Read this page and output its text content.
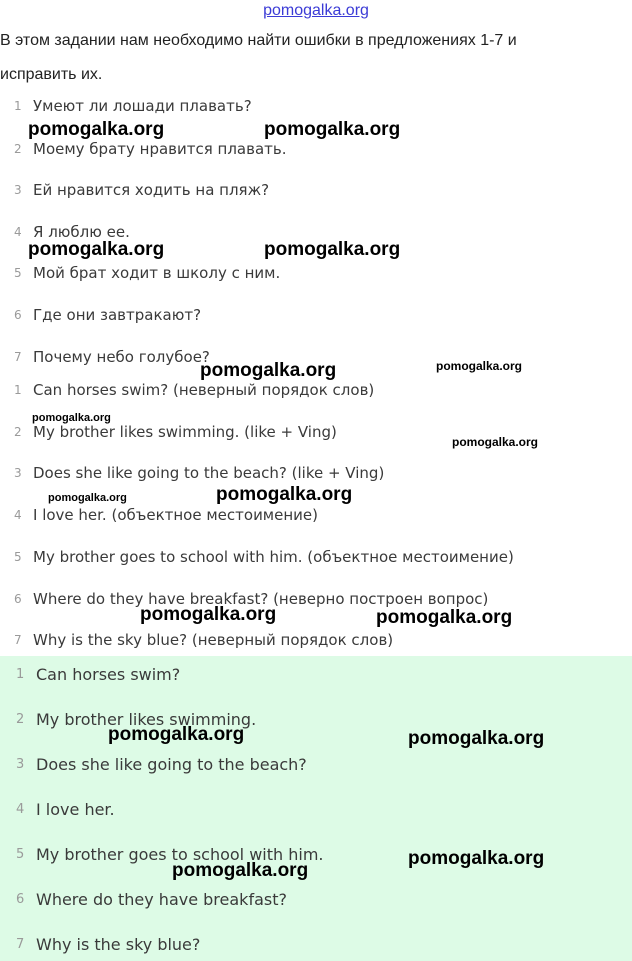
pomogalka.org
В этом задании нам необходимо найти ошибки в предложениях 1-7 и
исправить их.
1 Умеют ли лошади плавать?
2 Моему брату нравится плавать.
3 Ей нравится ходить на пляж?
4 Я люблю ее.
5 Мой брат ходит в школу с ним.
6 Где они завтракают?
7 Почему небо голубое?
1 Can horses swim? (неверный порядок слов)
2 My brother likes swimming. (like + Ving)
3 Does she like going to the beach? (like + Ving)
4 I love her. (объектное местоимение)
5 My brother goes to school with him. (объектное местоимение)
6 Where do they have breakfast? (неверно построен вопрос)
7 Why is the sky blue? (неверный порядок слов)
1 Can horses swim?
2 My brother likes swimming.
3 Does she like going to the beach?
4 I love her.
5 My brother goes to school with him.
6 Where do they have breakfast?
7 Why is the sky blue?
pomogalka.org	pomogalka.org
pomogalka.org	pomogalka.org
pomogalka.org	pomogalka.org
pomogalka.org
pomogalka.org
pomogalka.org	pomogalka.org
pomogalka.org	pomogalka.org
pomogalka.org	pomogalka.org
pomogalka.org
pomogalka.org
